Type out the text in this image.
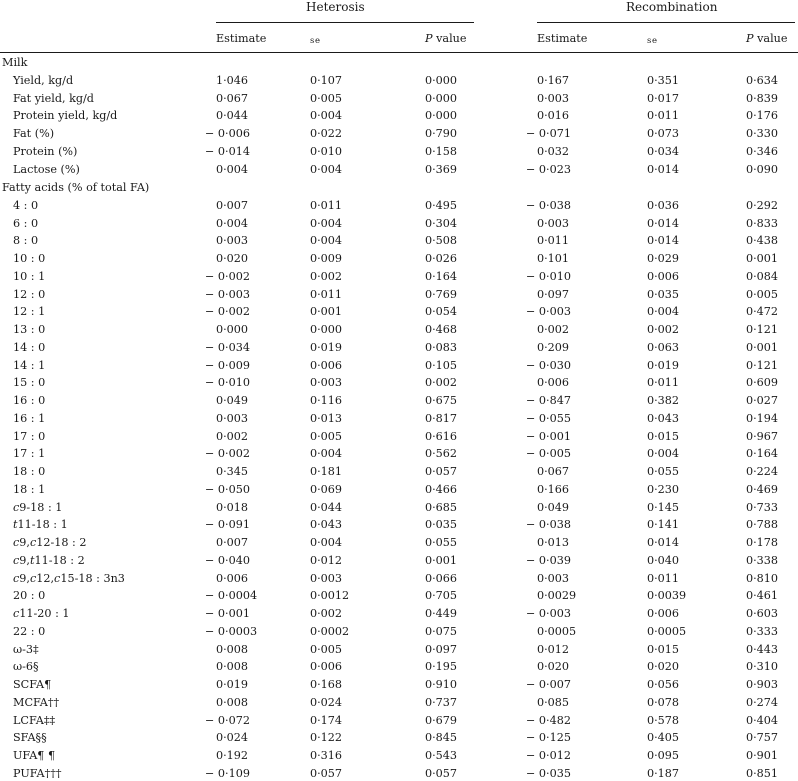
Heterosis	Recombination
Estimate	se	P value	Estimate	se	P value
Milk
Yield, kg/d	1·046	0·107	0·000	0·167	0·351	0·634
Fat yield, kg/d	0·067	0·005	0·000	0·003	0·017	0·839
Protein yield, kg/d	0·044	0·004	0·000	0·016	0·011	0·176
Fat (%)	− 0·006	0·022	0·790	− 0·071	0·073	0·330
Protein (%)	− 0·014	0·010	0·158	0·032	0·034	0·346
Lactose (%)	0·004	0·004	0·369	− 0·023	0·014	0·090
Fatty acids (% of total FA)
4 : 0	0·007	0·011	0·495	− 0·038	0·036	0·292
6 : 0	0·004	0·004	0·304	0·003	0·014	0·833
8 : 0	0·003	0·004	0·508	0·011	0·014	0·438
10 : 0	0·020	0·009	0·026	0·101	0·029	0·001
10 : 1	− 0·002	0·002	0·164	− 0·010	0·006	0·084
12 : 0	− 0·003	0·011	0·769	0·097	0·035	0·005
12 : 1	− 0·002	0·001	0·054	− 0·003	0·004	0·472
13 : 0	0·000	0·000	0·468	0·002	0·002	0·121
14 : 0	− 0·034	0·019	0·083	0·209	0·063	0·001
14 : 1	− 0·009	0·006	0·105	− 0·030	0·019	0·121
15 : 0	− 0·010	0·003	0·002	0·006	0·011	0·609
16 : 0	0·049	0·116	0·675	− 0·847	0·382	0·027
16 : 1	0·003	0·013	0·817	− 0·055	0·043	0·194
17 : 0	0·002	0·005	0·616	− 0·001	0·015	0·967
17 : 1	− 0·002	0·004	0·562	− 0·005	0·004	0·164
18 : 0	0·345	0·181	0·057	0·067	0·055	0·224
18 : 1	− 0·050	0·069	0·466	0·166	0·230	0·469
c9-18 : 1	0·018	0·044	0·685	0·049	0·145	0·733
t11-18 : 1	− 0·091	0·043	0·035	− 0·038	0·141	0·788
c9,c12-18 : 2	0·007	0·004	0·055	0·013	0·014	0·178
c9,t11-18 : 2	− 0·040	0·012	0·001	− 0·039	0·040	0·338
c9,c12,c15-18 : 3n3	0·006	0·003	0·066	0·003	0·011	0·810
20 : 0	− 0·0004	0·0012	0·705	0·0029	0·0039	0·461
c11-20 : 1	− 0·001	0·002	0·449	− 0·003	0·006	0·603
22 : 0	− 0·0003	0·0002	0·075	0·0005	0·0005	0·333
ω-3‡	0·008	0·005	0·097	0·012	0·015	0·443
ω-6§	0·008	0·006	0·195	0·020	0·020	0·310
SCFA¶	0·019	0·168	0·910	− 0·007	0·056	0·903
MCFA††	0·008	0·024	0·737	0·085	0·078	0·274
LCFA‡‡	− 0·072	0·174	0·679	− 0·482	0·578	0·404
SFA§§	0·024	0·122	0·845	− 0·125	0·405	0·757
UFA¶ ¶	0·192	0·316	0·543	− 0·012	0·095	0·901
PUFA†††	− 0·109	0·057	0·057	− 0·035	0·187	0·851
